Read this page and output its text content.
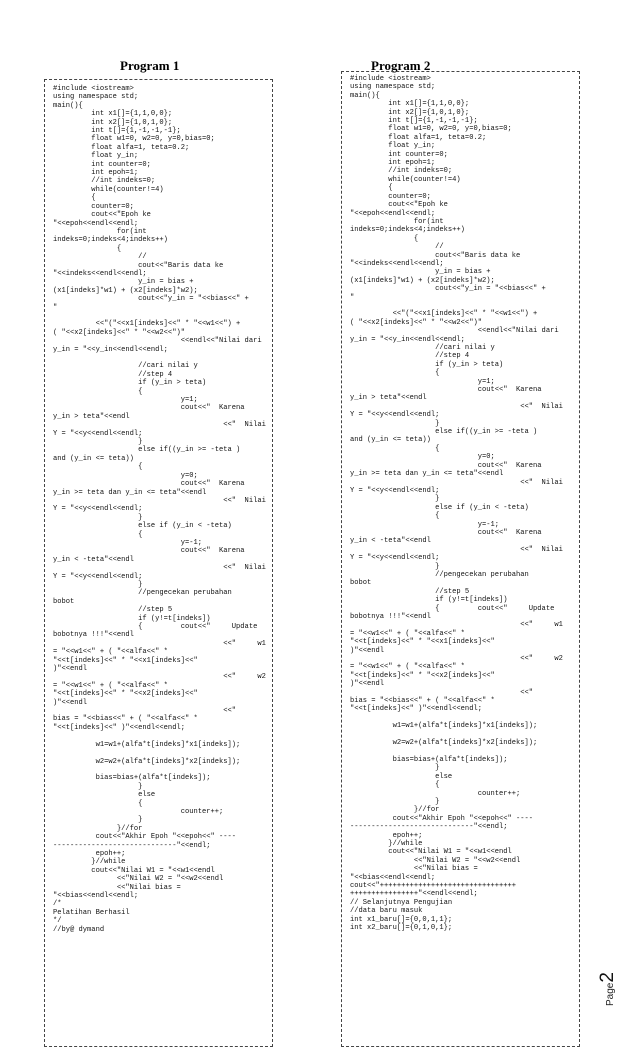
Program 1	Program 2
#include <iostream>
using namespace std;
main(){
int x1[]={1,1,0,0};
int x2[]={1,0,1,0};
int t[]={1,-1,-1,-1};
float w1=0, w2=0, y=0,bias=0;
float alfa=1, teta=0.2;
float y_in;
int counter=0;
int epoh=1;
//int indeks=0;
while(counter!=4)
{
counter=0;
cout<<"Epoh ke
"<<epoh<<endl<<endl;
for(int
indeks=0;indeks<4;indeks++)
{
//
cout<<"Baris data ke
"<<indeks<<endl<<endl;
y_in = bias +
(x1[indeks]*w1) + (x2[indeks]*w2);
cout<<"y_in = "<<bias<<" +
"

<<"("<<x1[indeks]<<" * "<<w1<<") +
( "<<x2[indeks]<<" * "<<w2<<")"
<<endl<<"Nilai dari
y_in = "<<y_in<<endl<<endl;

//cari nilai y
//step 4
if (y_in > teta)
{
y=1;
cout<<"  Karena
y_in > teta"<<endl
<<"  Nilai
Y = "<<y<<endl<<endl;
}
else if((y_in >= -teta )
and (y_in <= teta))
{
y=0;
cout<<"  Karena
y_in >= teta dan y_in <= teta"<<endl
<<"  Nilai
Y = "<<y<<endl<<endl;
}
else if (y_in < -teta)
{
y=-1;
cout<<"  Karena
y_in < -teta"<<endl
<<"  Nilai
Y = "<<y<<endl<<endl;
}
//pengecekan perubahan
bobot
//step 5
if (y!=t[indeks])
{         cout<<"     Update
bobotnya !!!"<<endl
<<"     w1
= "<<w1<<" + ( "<<alfa<<" *
"<<t[indeks]<<" * "<<x1[indeks]<<"
)"<<endl
<<"     w2
= "<<w1<<" + ( "<<alfa<<" *
"<<t[indeks]<<" * "<<x2[indeks]<<"
)"<<endl
<<"
bias = "<<bias<<" + ( "<<alfa<<" *
"<<t[indeks]<<" )"<<endl<<endl;

w1=w1+(alfa*t[indeks]*x1[indeks]);

w2=w2+(alfa*t[indeks]*x2[indeks]);

bias=bias+(alfa*t[indeks]);
}
else
{
counter++;
}
}//for
cout<<"Akhir Epoh "<<epoh<<" ----
-----------------------------"<<endl;
epoh++;
}//while
cout<<"Nilai W1 = "<<w1<<endl
<<"Nilai W2 = "<<w2<<endl
<<"Nilai bias =
"<<bias<<endl<<endl;
/*
Pelatihan Berhasil
*/
//by@ dymand
#include <iostream>
using namespace std;
main(){
int x1[]={1,1,0,0};
int x2[]={1,0,1,0};
int t[]={1,-1,-1,-1};
float w1=0, w2=0, y=0,bias=0;
float alfa=1, teta=0.2;
float y_in;
int counter=0;
int epoh=1;
//int indeks=0;
while(counter!=4)
{
counter=0;
cout<<"Epoh ke
"<<epoh<<endl<<endl;
for(int
indeks=0;indeks<4;indeks++)
{
//
cout<<"Baris data ke
"<<indeks<<endl<<endl;
y_in = bias +
(x1[indeks]*w1) + (x2[indeks]*w2);
cout<<"y_in = "<<bias<<" +
"

<<"("<<x1[indeks]<<" * "<<w1<<") +
( "<<x2[indeks]<<" * "<<w2<<")"
<<endl<<"Nilai dari
y_in = "<<y_in<<endl<<endl;
//cari nilai y
//step 4
if (y_in > teta)
{
y=1;
cout<<"  Karena
y_in > teta"<<endl
<<"  Nilai
Y = "<<y<<endl<<endl;
}
else if((y_in >= -teta )
and (y_in <= teta))
{
y=0;
cout<<"  Karena
y_in >= teta dan y_in <= teta"<<endl
<<"  Nilai
Y = "<<y<<endl<<endl;
}
else if (y_in < -teta)
{
y=-1;
cout<<"  Karena
y_in < -teta"<<endl
<<"  Nilai
Y = "<<y<<endl<<endl;
}
//pengecekan perubahan
bobot
//step 5
if (y!=t[indeks])
{         cout<<"     Update
bobotnya !!!"<<endl
<<"     w1
= "<<w1<<" + ( "<<alfa<<" *
"<<t[indeks]<<" * "<<x1[indeks]<<"
)"<<endl
<<"     w2
= "<<w1<<" + ( "<<alfa<<" *
"<<t[indeks]<<" * "<<x2[indeks]<<"
)"<<endl
<<"
bias = "<<bias<<" + ( "<<alfa<<" *
"<<t[indeks]<<" )"<<endl<<endl;

w1=w1+(alfa*t[indeks]*x1[indeks]);

w2=w2+(alfa*t[indeks]*x2[indeks]);

bias=bias+(alfa*t[indeks]);
}
else
{
counter++;
}
}//for
cout<<"Akhir Epoh "<<epoh<<" ----
-----------------------------"<<endl;
epoh++;
}//while
cout<<"Nilai W1 = "<<w1<<endl
<<"Nilai W2 = "<<w2<<endl
<<"Nilai bias =
"<<bias<<endl<<endl;
cout<<"++++++++++++++++++++++++++++++++
++++++++++++++++"<<endl<<endl;
// Selanjutnya Pengujian
//data baru masuk
int x1_baru[]={0,0,1,1};
int x2_baru[]={0,1,0,1};
Page2
